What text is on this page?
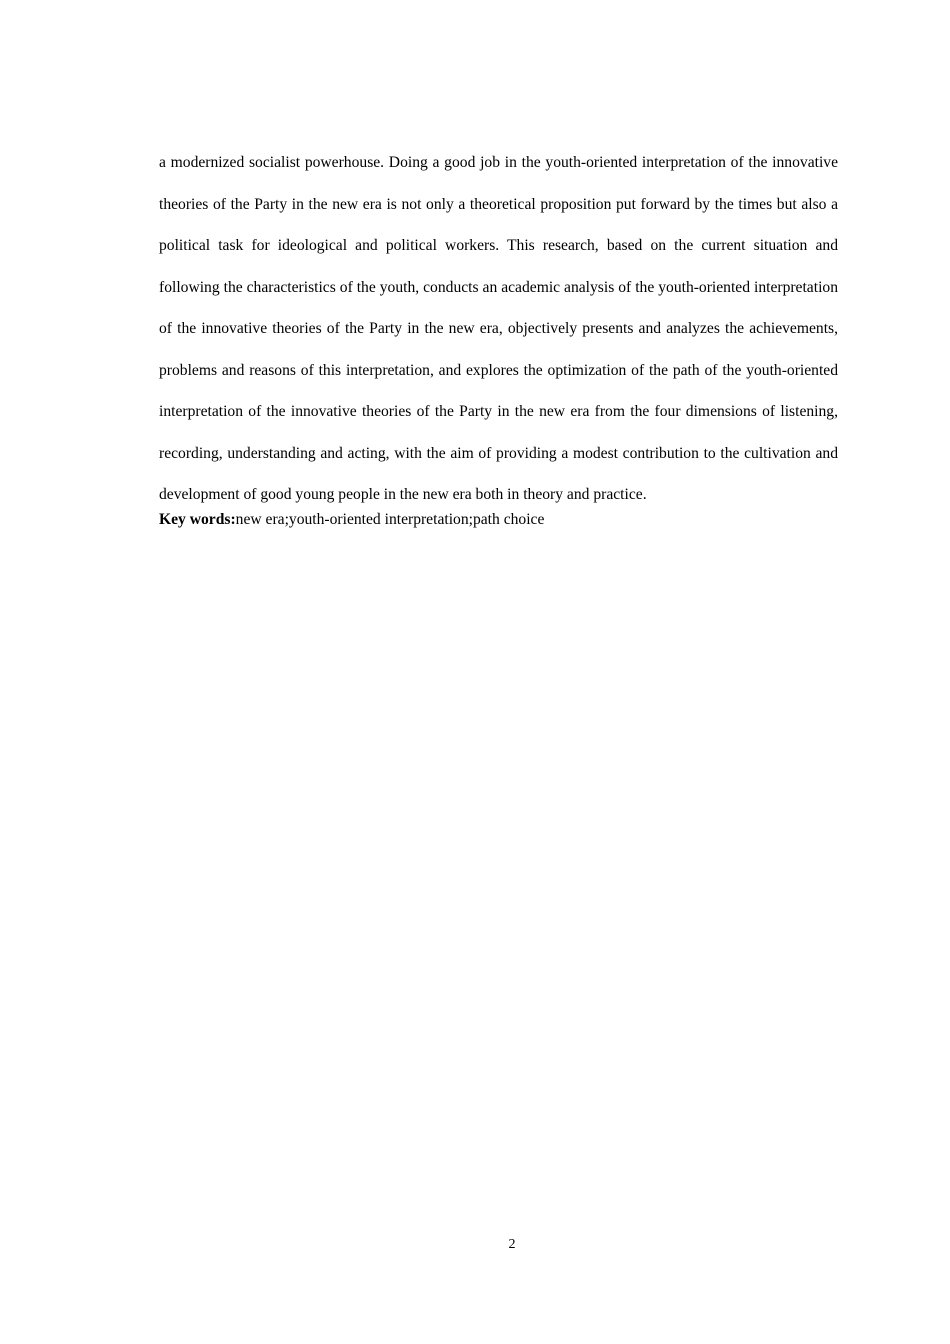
a modernized socialist powerhouse. Doing a good job in the youth-oriented interpretation of the innovative theories of the Party in the new era is not only a theoretical proposition put forward by the times but also a political task for ideological and political workers. This research, based on the current situation and following the characteristics of the youth, conducts an academic analysis of the youth-oriented interpretation of the innovative theories of the Party in the new era, objectively presents and analyzes the achievements, problems and reasons of this interpretation, and explores the optimization of the path of the youth-oriented interpretation of the innovative theories of the Party in the new era from the four dimensions of listening, recording, understanding and acting, with the aim of providing a modest contribution to the cultivation and development of good young people in the new era both in theory and practice.

Key words:new era;youth-oriented interpretation;path choice

2
